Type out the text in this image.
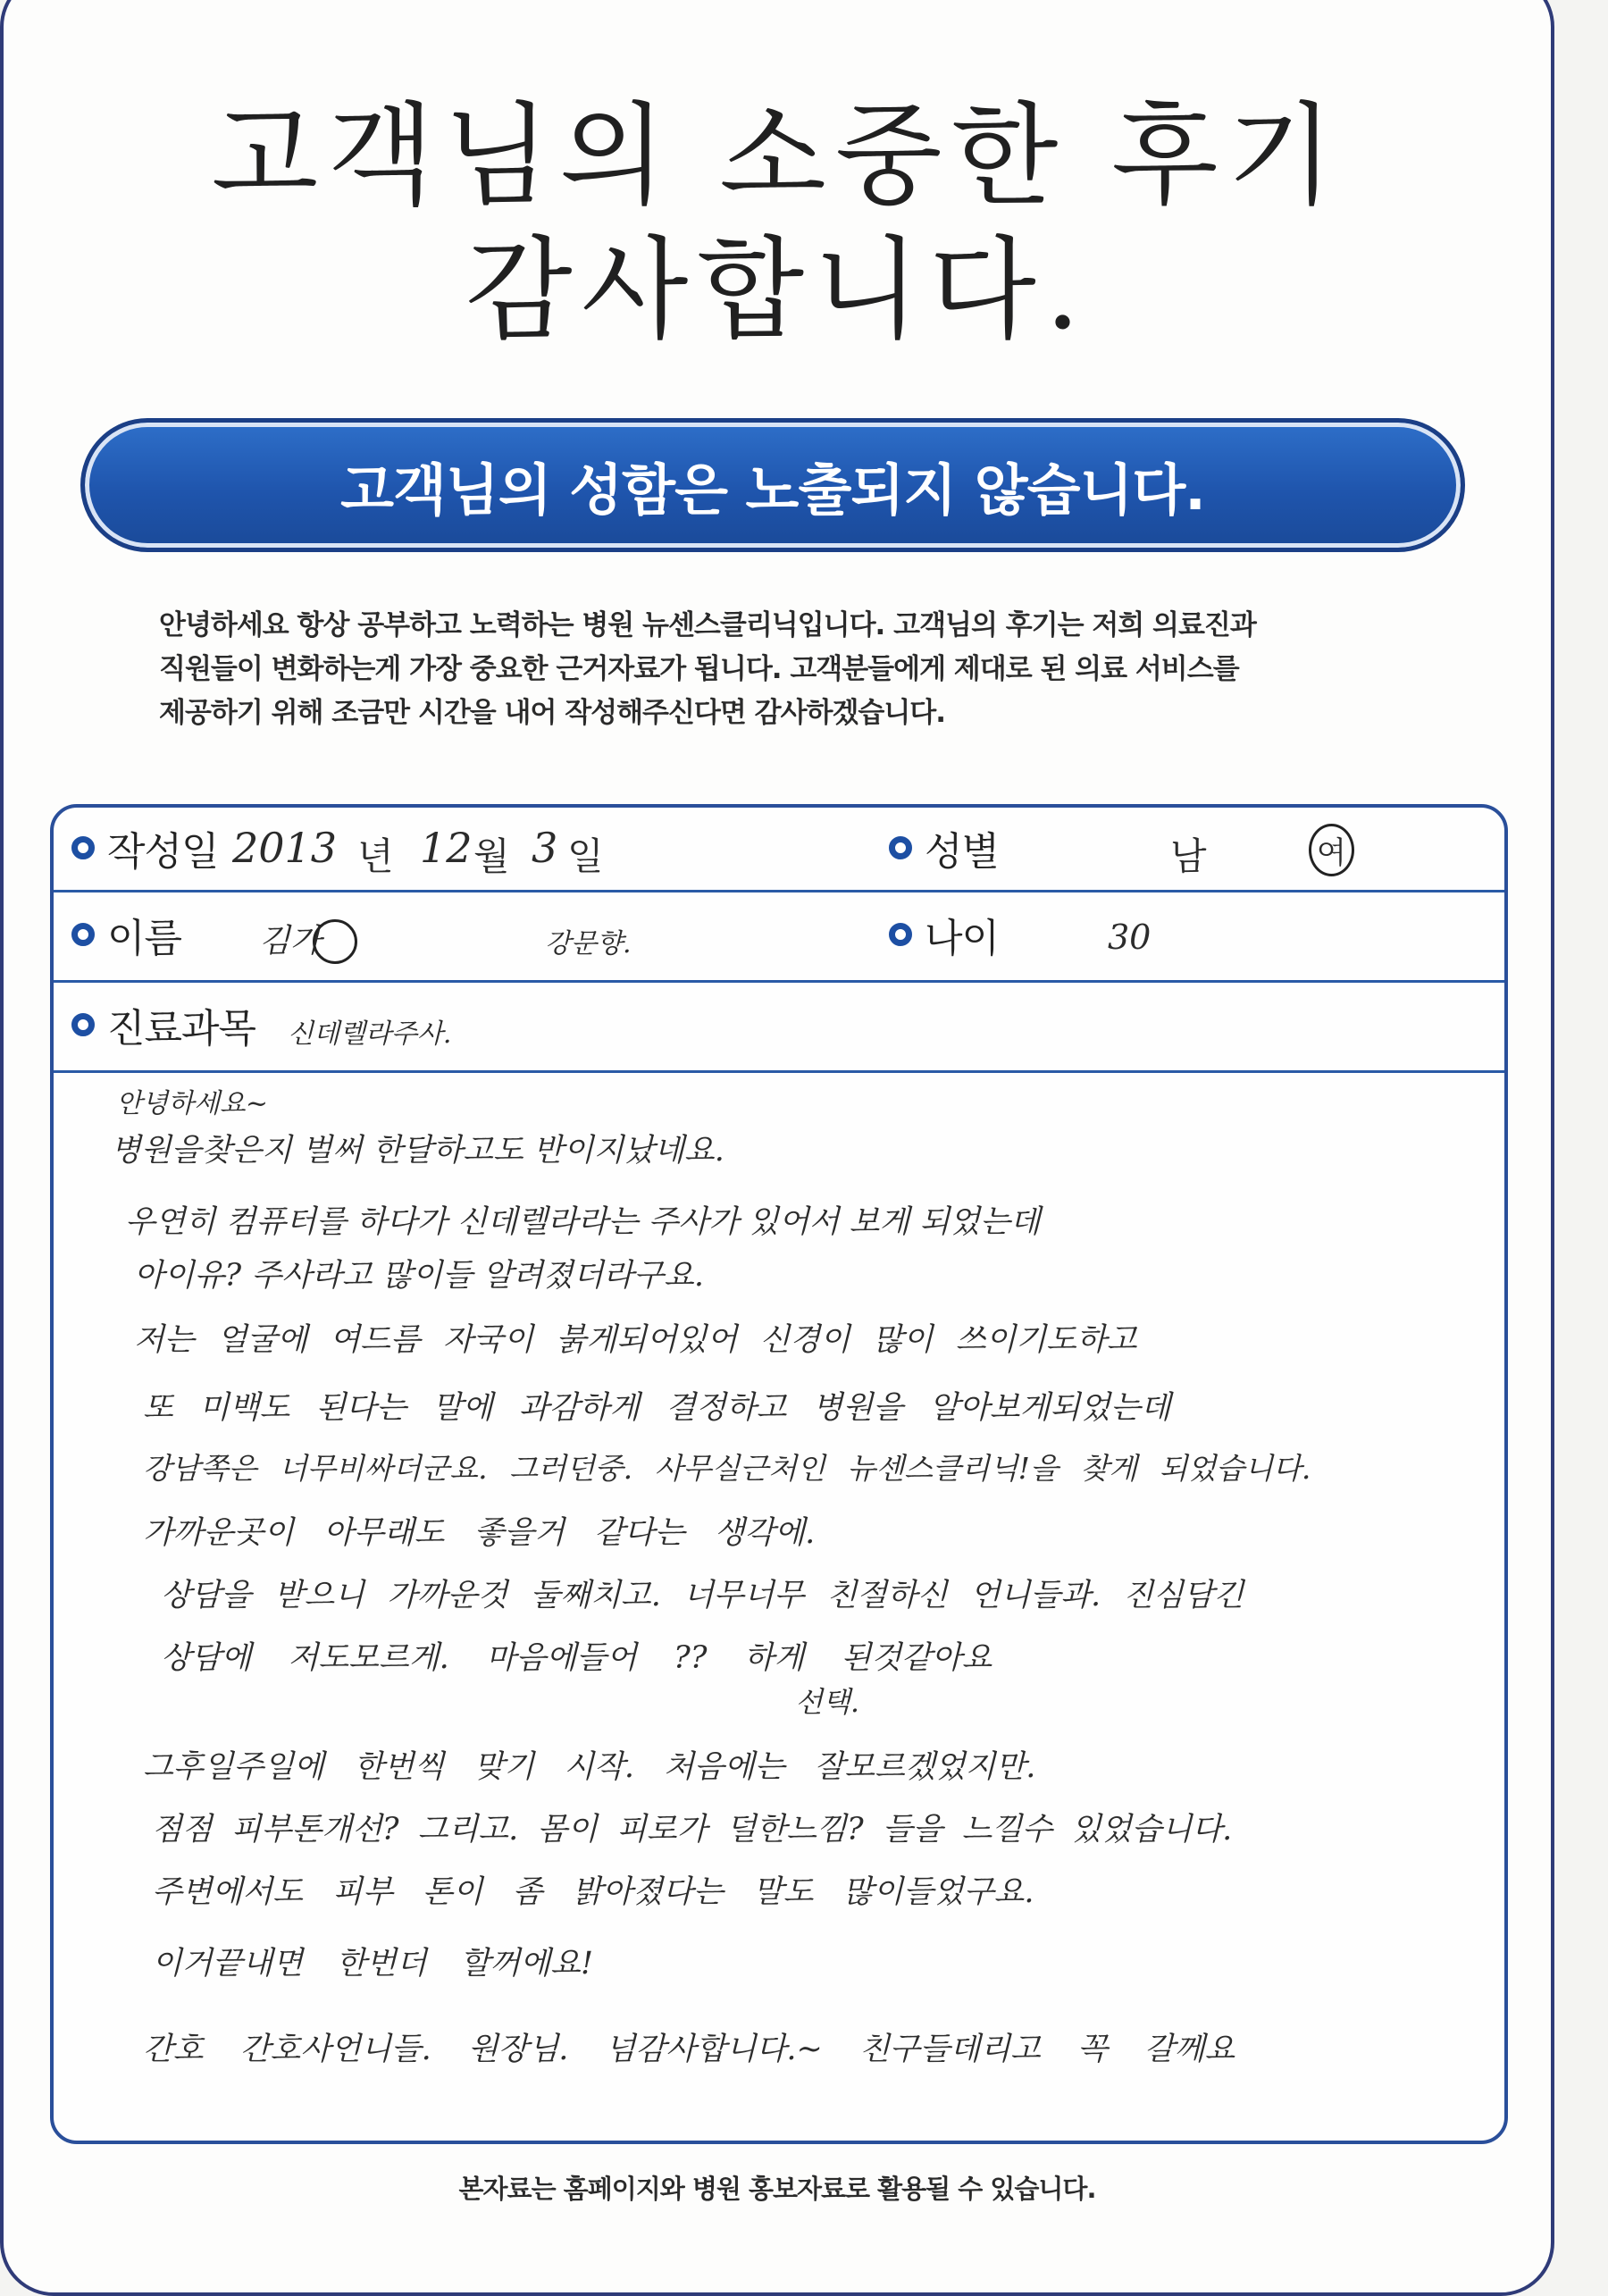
고객님의 소중한 후기
감사합니다.
고객님의 성함은 노출되지 않습니다.
안녕하세요 항상 공부하고 노력하는 병원 뉴센스클리닉입니다. 고객님의 후기는 저희 의료진과
직원들이 변화하는게 가장 중요한 근거자료가 됩니다. 고객분들에게 제대로 된 의료 서비스를
제공하기 위해 조금만 시간을 내어 작성해주신다면 감사하겠습니다.
작성일 2013 년 12 월 3 일	성별	남	여
이름 김가	강문향.	나이	30
진료과목 신데렐라주사.
안녕하세요~
병원을찾은지 벌써 한달하고도 반이지났네요.
우연히 컴퓨터를 하다가 신데렐라라는 주사가 있어서 보게 되었는데
아이유? 주사라고 많이들 알려졌더라구요.
저는 얼굴에 여드름 자국이 붉게되어있어 신경이 많이 쓰이기도하고
또 미백도 된다는 말에 과감하게 결정하고 병원을 알아보게되었는데
강남쪽은 너무비싸더군요. 그러던중. 사무실근처인 뉴센스클리닉!을 찾게 되었습니다.
가까운곳이 아무래도 좋을거 같다는 생각에.
상담을 받으니 가까운것 둘째치고. 너무너무 친절하신 언니들과. 진심담긴
상담에 저도모르게. 마음에들어 ?? 하게 된것같아요
선택.
그후일주일에 한번씩 맞기 시작. 처음에는 잘모르겠었지만.
점점 피부톤개선? 그리고. 몸이 피로가 덜한느낌? 들을 느낄수 있었습니다.
주변에서도 피부 톤이 좀 밝아졌다는 말도 많이들었구요.
이거끝내면 한번더 할꺼에요!
간호 간호사언니들. 원장님. 넘감사합니다.~ 친구들데리고 꼭 갈께요
본자료는 홈페이지와 병원 홍보자료로 활용될 수 있습니다.
